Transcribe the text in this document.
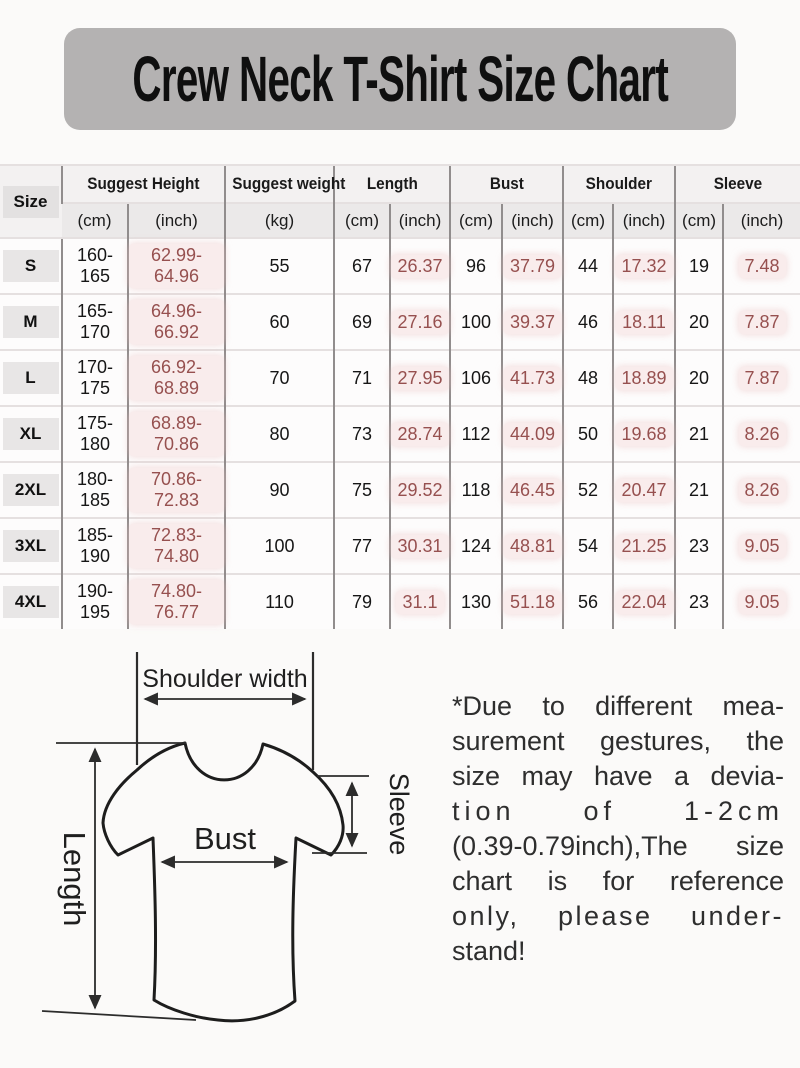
Crew Neck T-Shirt Size Chart
Size	Suggest Height		Suggest weight	Length		Bust		Shoulder		Sleeve	
	(cm)	(inch)	(kg)	(cm)	(inch)	(cm)	(inch)	(cm)	(inch)	(cm)	(inch)
S	160-165	62.99-64.96	55	67	26.37	96	37.79	44	17.32	19	7.48
M	165-170	64.96-66.92	60	69	27.16	100	39.37	46	18.11	20	7.87
L	170-175	66.92-68.89	70	71	27.95	106	41.73	48	18.89	20	7.87
XL	175-180	68.89-70.86	80	73	28.74	112	44.09	50	19.68	21	8.26
2XL	180-185	70.86-72.83	90	75	29.52	118	46.45	52	20.47	21	8.26
3XL	185-190	72.83-74.80	100	77	30.31	124	48.81	54	21.25	23	9.05
4XL	190-195	74.80-76.77	110	79	31.1	130	51.18	56	22.04	23	9.05
Shoulder width
Length	Bust	Sleeve
*Due to different mea-
surement gestures, the
size may have a devia-
tion of 1-2cm
(0.39-0.79inch),The size
chart is for reference
only, please under-
stand!
